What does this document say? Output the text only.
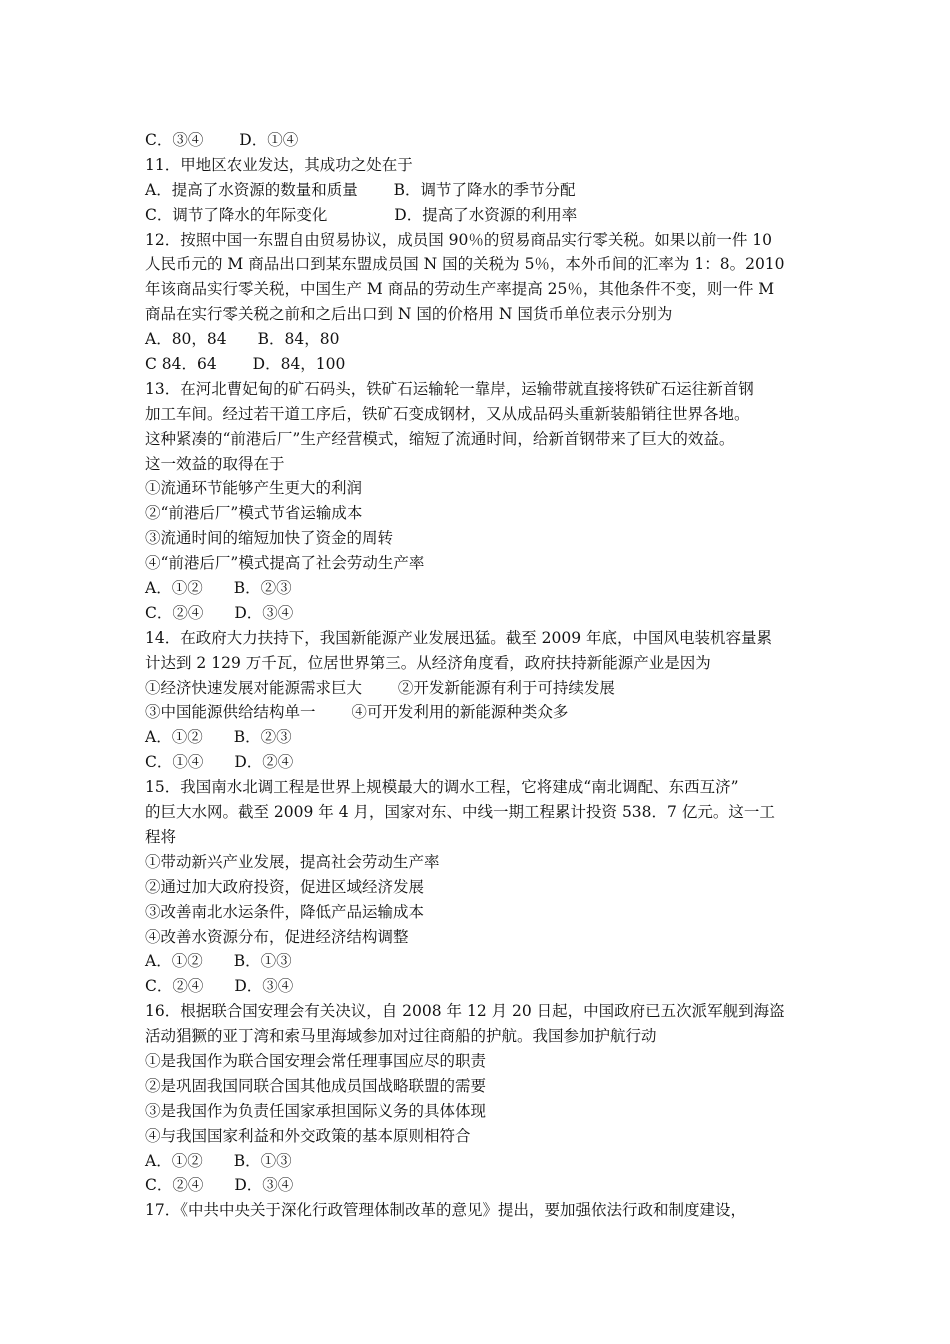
C．③④　　 D．①④
11．甲地区农业发达，其成功之处在于
A．提高了水资源的数量和质量　　 B．调节了降水的季节分配
C．调节了降水的年际变化　　　　 D．提高了水资源的利用率
12．按照中国一东盟自由贸易协议，成员国 90％的贸易商品实行零关税。如果以前一件 10
人民币元的 M 商品出口到某东盟成员国 N 国的关税为 5％，本外币间的汇率为 1：8。2010
年该商品实行零关税，中国生产 M 商品的劳动生产率提高 25％，其他条件不变，则一件 M
商品在实行零关税之前和之后出口到 N 国的价格用 N 国货币单位表示分别为
A．80，84　　B．84，80
C 84．64　　 D．84，100
13．在河北曹妃甸的矿石码头，铁矿石运输轮一靠岸，运输带就直接将铁矿石运往新首钢
加工车间。经过若干道工序后，铁矿石变成钢材，又从成品码头重新装船销往世界各地。
这种紧凑的“前港后厂”生产经营模式，缩短了流通时间，给新首钢带来了巨大的效益。
这一效益的取得在于
①流通环节能够产生更大的利润
②“前港后厂”模式节省运输成本
③流通时间的缩短加快了资金的周转
④“前港后厂”模式提高了社会劳动生产率
A．①②　　B．②③
C．②④　　D．③④
14．在政府大力扶持下，我国新能源产业发展迅猛。截至 2009 年底，中国风电装机容量累
计达到 2 129 万千瓦，位居世界第三。从经济角度看，政府扶持新能源产业是因为
①经济快速发展对能源需求巨大　　 ②开发新能源有利于可持续发展
③中国能源供给结构单一　　 ④可开发利用的新能源种类众多
A．①②　　B．②③
C．①④　　D．②④
15．我国南水北调工程是世界上规模最大的调水工程，它将建成“南北调配、东西互济”
的巨大水网。截至 2009 年 4 月，国家对东、中线一期工程累计投资 538．7 亿元。这一工
程将
①带动新兴产业发展，提高社会劳动生产率
②通过加大政府投资，促进区域经济发展
③改善南北水运条件，降低产品运输成本
④改善水资源分布，促进经济结构调整
A．①②　　B．①③
C．②④　　D．③④
16．根据联合国安理会有关决议，自 2008 年 12 月 20 日起，中国政府已五次派军舰到海盗
活动猖獗的亚丁湾和索马里海域参加对过往商船的护航。我国参加护航行动
①是我国作为联合国安理会常任理事国应尽的职责
②是巩固我国同联合国其他成员国战略联盟的需要
③是我国作为负责任国家承担国际义务的具体体现
④与我国国家利益和外交政策的基本原则相符合
A．①②　　B．①③
C．②④　　D．③④
17．《中共中央关于深化行政管理体制改革的意见》提出，要加强依法行政和制度建设，
